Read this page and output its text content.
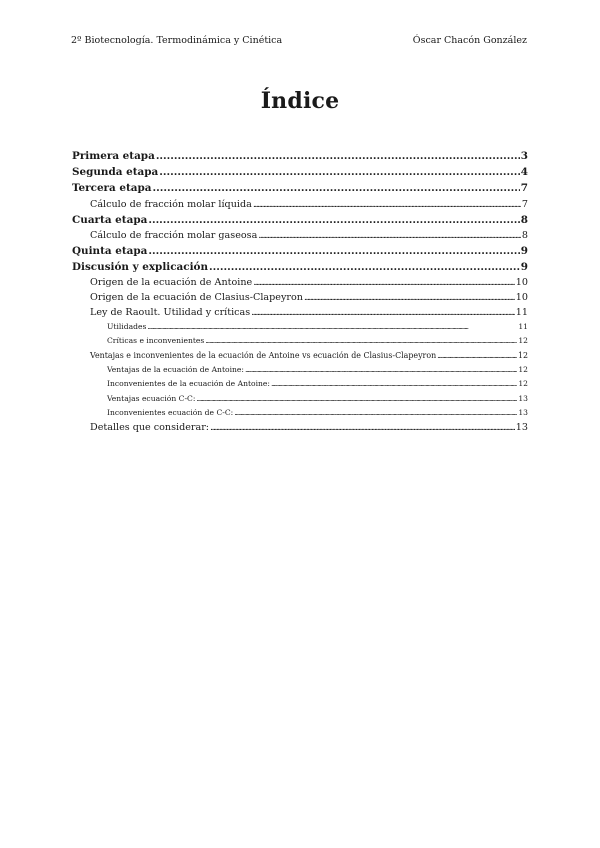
2º Biotecnología. Termodinámica y Cinética	Óscar Chacón González
Índice
Primera etapa .....	3
Segunda etapa .....	4
Tercera etapa .....	7
Cálculo de fracción molar líquida .....	7
Cuarta etapa .....	8
Cálculo de fracción molar gaseosa .....	8
Quinta etapa .....	9
Discusión y explicación .....	9
Origen de la ecuación de Antoine .....	10
Origen de la ecuación de Clasius-Clapeyron .....	10
Ley de Raoult. Utilidad y críticas .....	11
Utilidades .....	11
Críticas e inconvenientes .....	12
Ventajas e inconvenientes de la ecuación de Antoine vs ecuación de Clasius-Clapeyron .....	12
Ventajas de la ecuación de Antoine: .....	12
Inconvenientes de la ecuación de Antoine: .....	12
Ventajas ecuación C-C: .....	13
Inconvenientes ecuación de C-C: .....	13
Detalles que considerar: .....	13
